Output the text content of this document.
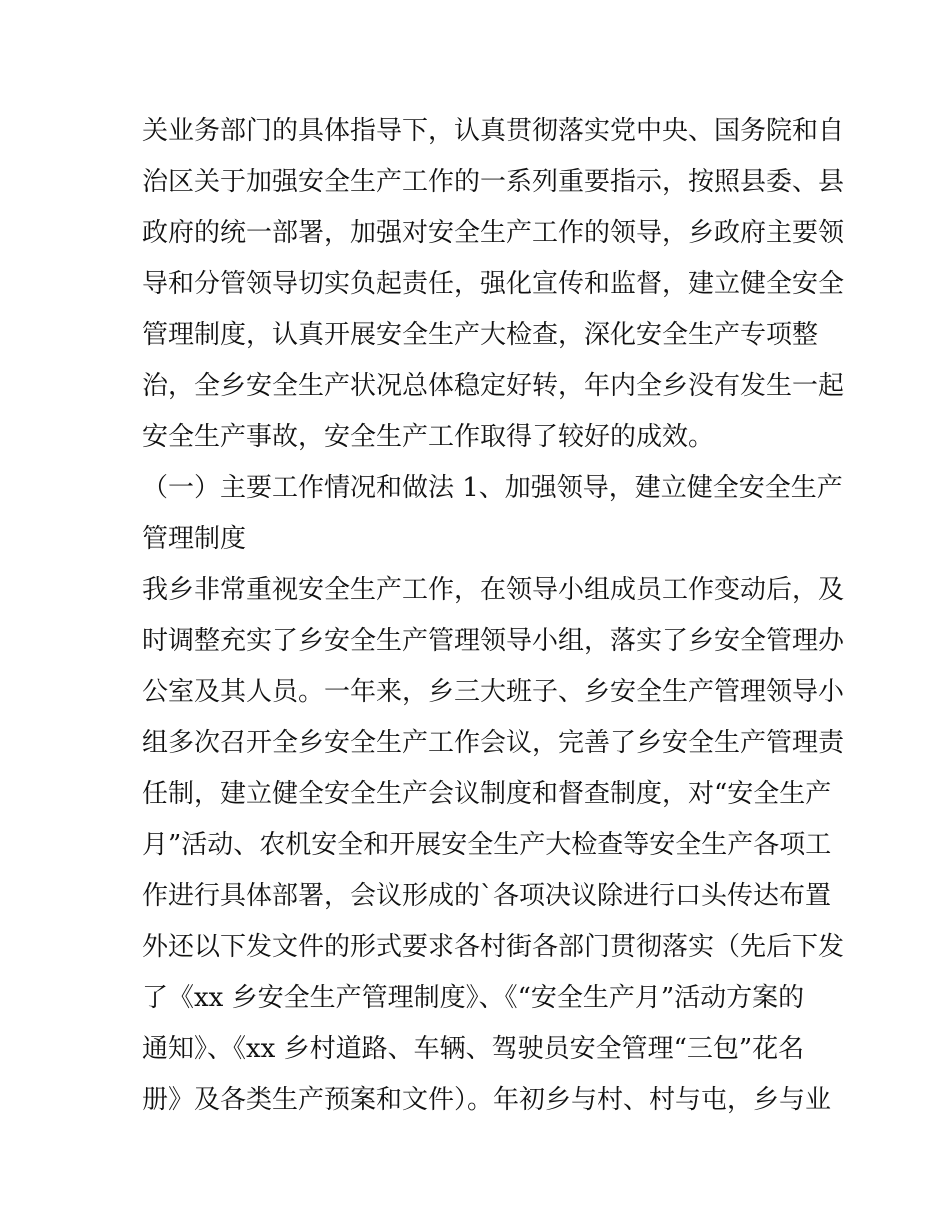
关业务部门的具体指导下，认真贯彻落实党中央、国务院和自
治区关于加强安全生产工作的一系列重要指示，按照县委、县
政府的统一部署，加强对安全生产工作的领导，乡政府主要领
导和分管领导切实负起责任，强化宣传和监督，建立健全安全
管理制度，认真开展安全生产大检查，深化安全生产专项整
治，全乡安全生产状况总体稳定好转，年内全乡没有发生一起
安全生产事故，安全生产工作取得了较好的成效。
（一）主要工作情况和做法 1、加强领导，建立健全安全生产
管理制度
我乡非常重视安全生产工作，在领导小组成员工作变动后，及
时调整充实了乡安全生产管理领导小组，落实了乡安全管理办
公室及其人员。一年来，乡三大班子、乡安全生产管理领导小
组多次召开全乡安全生产工作会议，完善了乡安全生产管理责
任制，建立健全安全生产会议制度和督查制度，对“安全生产
月”活动、农机安全和开展安全生产大检查等安全生产各项工
作进行具体部署，会议形成的`各项决议除进行口头传达布置
外还以下发文件的形式要求各村街各部门贯彻落实（先后下发
了《xx 乡安全生产管理制度》、《“安全生产月”活动方案的
通知》、《xx 乡村道路、车辆、驾驶员安全管理“三包”花名
册》及各类生产预案和文件）。年初乡与村、村与屯，乡与业
